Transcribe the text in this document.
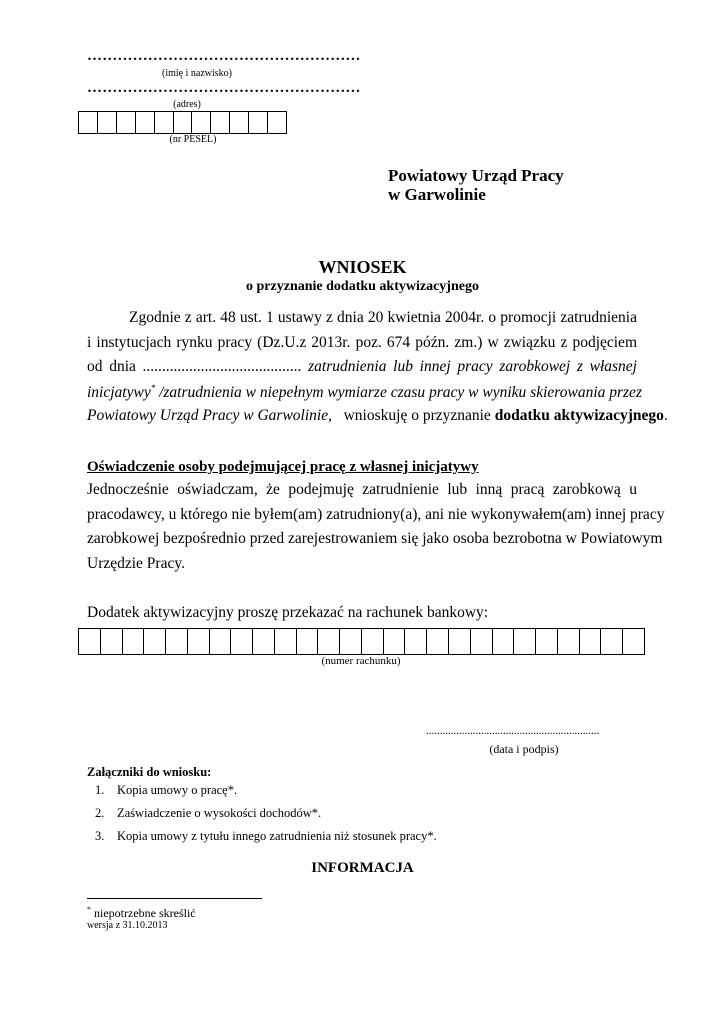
………………………………………………
(imię i nazwisko)
………………………………………………
(adres)
(nr PESEL)
Powiatowy Urząd Pracy
w Garwolinie
WNIOSEK
o przyznanie dodatku aktywizacyjnego
Zgodnie z art. 48 ust. 1 ustawy z dnia 20 kwietnia 2004r. o promocji zatrudnienia
i instytucjach rynku pracy (Dz.U.z 2013r. poz. 674 późn. zm.) w związku z podjęciem
od dnia ......................................... zatrudnienia lub innej pracy zarobkowej z własnej
inicjatywy* /zatrudnienia w niepełnym wymiarze czasu pracy w wyniku skierowania przez
Powiatowy Urząd Pracy w Garwolinie, wnioskuję o przyznanie dodatku aktywizacyjnego.
Oświadczenie osoby podejmującej pracę z własnej inicjatywy
Jednocześnie oświadczam, że podejmuję zatrudnienie lub inną pracą zarobkową u
pracodawcy, u którego nie byłem(am) zatrudniony(a), ani nie wykonywałem(am) innej pracy
zarobkowej bezpośrednio przed zarejestrowaniem się jako osoba bezrobotna w Powiatowym
Urzędzie Pracy.
Dodatek aktywizacyjny proszę przekazać na rachunek bankowy:
(numer rachunku)
...............................................................
(data i podpis)
Załączniki do wniosku:
1. Kopia umowy o pracę*.
2. Zaświadczenie o wysokości dochodów*.
3. Kopia umowy z tytułu innego zatrudnienia niż stosunek pracy*.
INFORMACJA
* niepotrzebne skreślić
wersja z 31.10.2013
